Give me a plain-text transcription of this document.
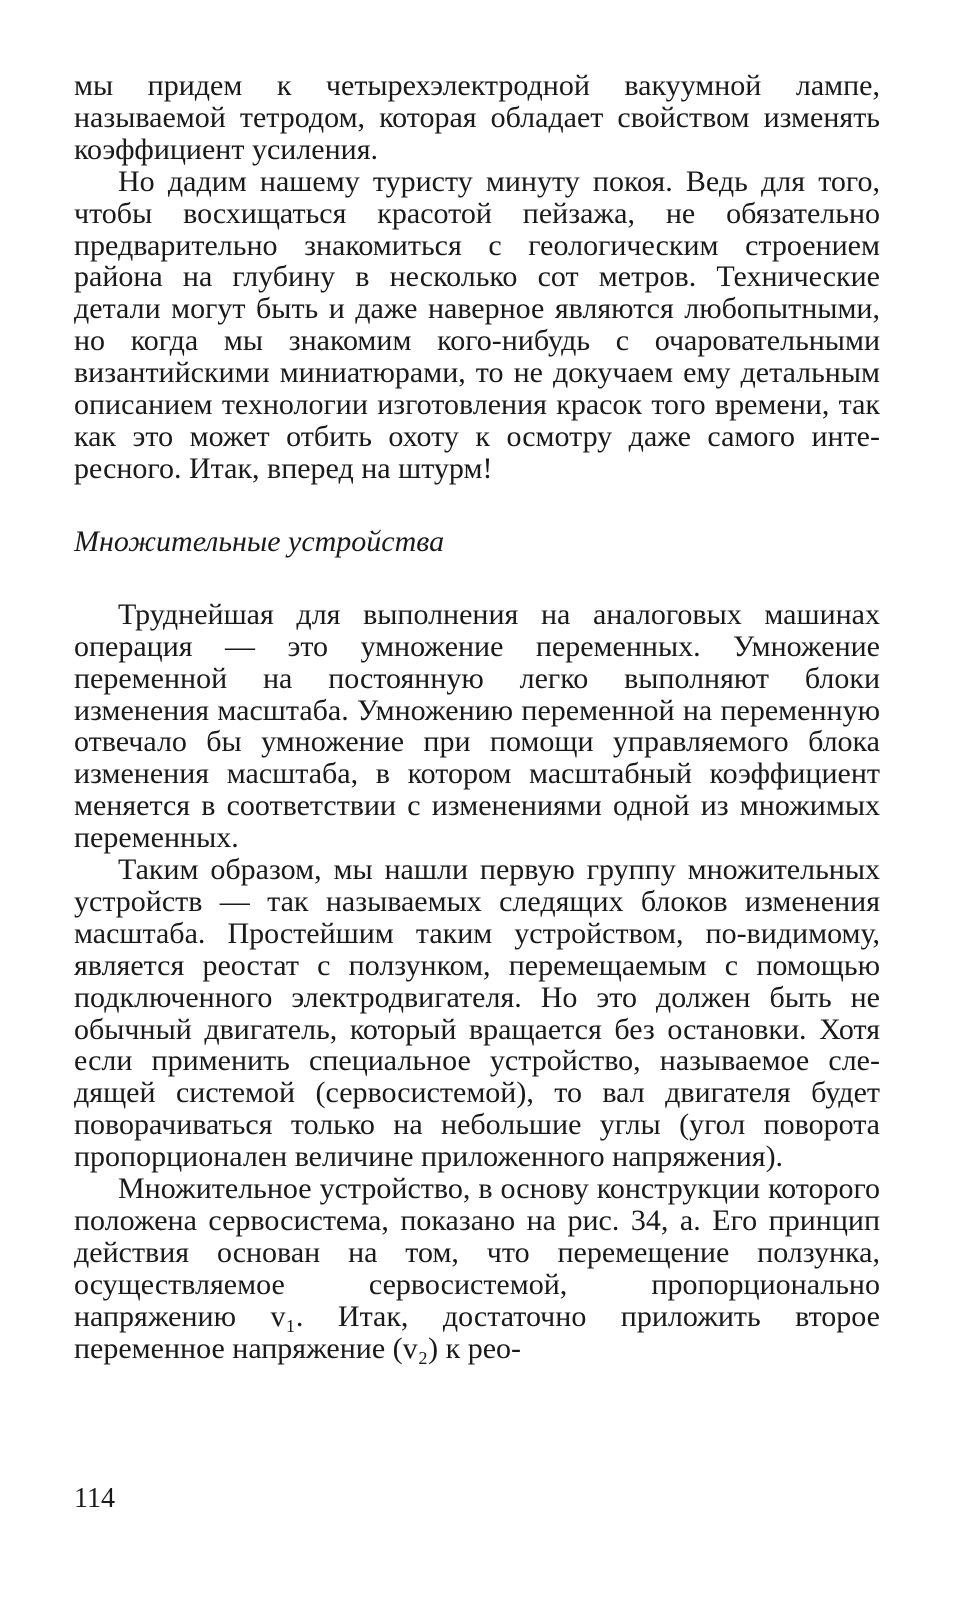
мы придем к четырехэлектродной вакуумной лампе, называемой тетродом, которая обладает свойством изменять коэффициент усиления.

Но дадим нашему туристу минуту покоя. Ведь для того, чтобы восхищаться красотой пейзажа, не обязательно предварительно знакомиться с геологическим строением района на глубину в несколько сот метров. Технические детали могут быть и даже наверное являются любопытными, но когда мы знакомим кого-нибудь с очаровательными византийскими миниатюрами, то не докучаем ему детальным описанием технологии изготовления красок того времени, так как это может отбить охоту к осмотру даже самого интересного. Итак, вперед на штурм!

Множительные устройства

Труднейшая для выполнения на аналоговых машинах операция — это умножение переменных. Умножение переменной на постоянную легко выполняют блоки изменения масштаба. Умножению переменной на переменную отвечало бы умножение при помощи управляемого блока изменения масштаба, в котором масштабный коэффициент меняется в соответствии с изменениями одной из множимых переменных.

Таким образом, мы нашли первую группу множительных устройств — так называемых следящих блоков изменения масштаба. Простейшим таким устройством, по-видимому, является реостат с ползунком, перемещаемым с помощью подключенного электродвигателя. Но это должен быть не обычный двигатель, который вращается без остановки. Хотя если применить специальное устройство, называемое следящей системой (сервосистемой), то вал двигателя будет поворачиваться только на небольшие углы (угол поворота пропорционален величине приложенного напряжения).

Множительное устройство, в основу конструкции которого положена сервосистема, показано на рис. 34, а. Его принцип действия основан на том, что перемещение ползунка, осуществляемое сервосистемой, пропорционально напряжению v₁. Итак, достаточно приложить второе переменное напряжение (v₂) к рео-

114
